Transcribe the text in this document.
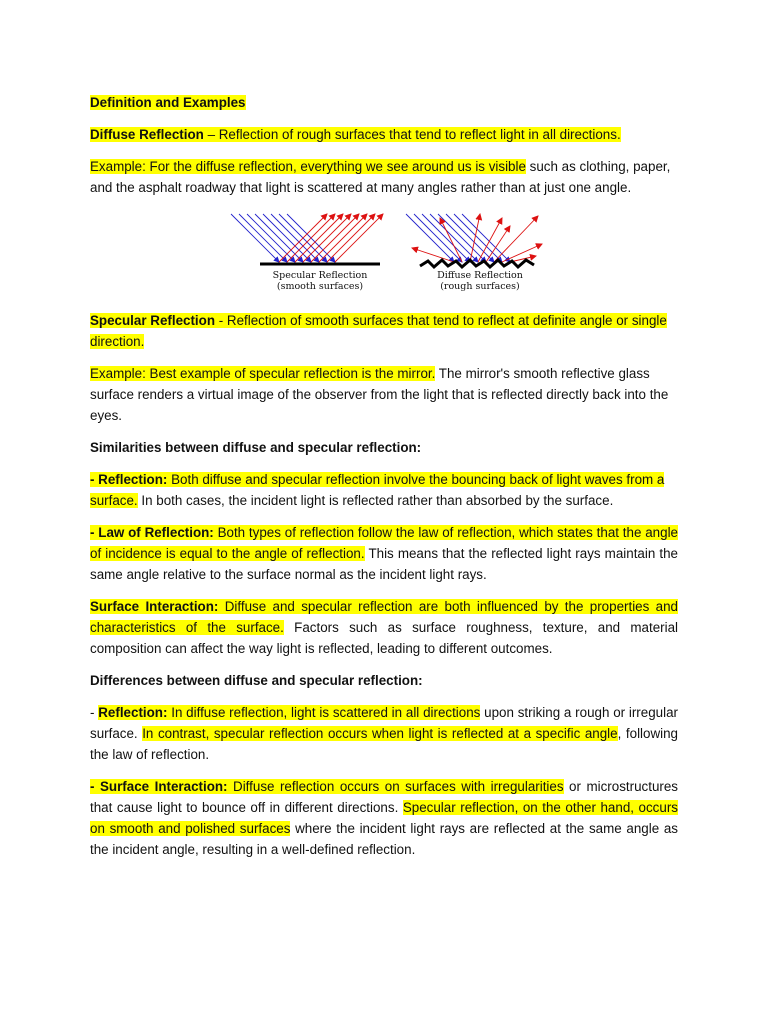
Definition and Examples

Diffuse Reflection – Reflection of rough surfaces that tend to reflect light in all directions.

Example: For the diffuse reflection, everything we see around us is visible such as clothing, paper, and the asphalt roadway that light is scattered at many angles rather than at just one angle.

Specular Reflection
(smooth surfaces)
Diffuse Reflection
(rough surfaces)

Specular Reflection - Reflection of smooth surfaces that tend to reflect at definite angle or single direction.

Example: Best example of specular reflection is the mirror. The mirror's smooth reflective glass surface renders a virtual image of the observer from the light that is reflected directly back into the eyes.

Similarities between diffuse and specular reflection:

- Reflection: Both diffuse and specular reflection involve the bouncing back of light waves from a surface. In both cases, the incident light is reflected rather than absorbed by the surface.

- Law of Reflection: Both types of reflection follow the law of reflection, which states that the angle of incidence is equal to the angle of reflection. This means that the reflected light rays maintain the same angle relative to the surface normal as the incident light rays.

Surface Interaction: Diffuse and specular reflection are both influenced by the properties and characteristics of the surface. Factors such as surface roughness, texture, and material composition can affect the way light is reflected, leading to different outcomes.

Differences between diffuse and specular reflection:

- Reflection: In diffuse reflection, light is scattered in all directions upon striking a rough or irregular surface. In contrast, specular reflection occurs when light is reflected at a specific angle, following the law of reflection.

- Surface Interaction: Diffuse reflection occurs on surfaces with irregularities or microstructures that cause light to bounce off in different directions. Specular reflection, on the other hand, occurs on smooth and polished surfaces where the incident light rays are reflected at the same angle as the incident angle, resulting in a well-defined reflection.
